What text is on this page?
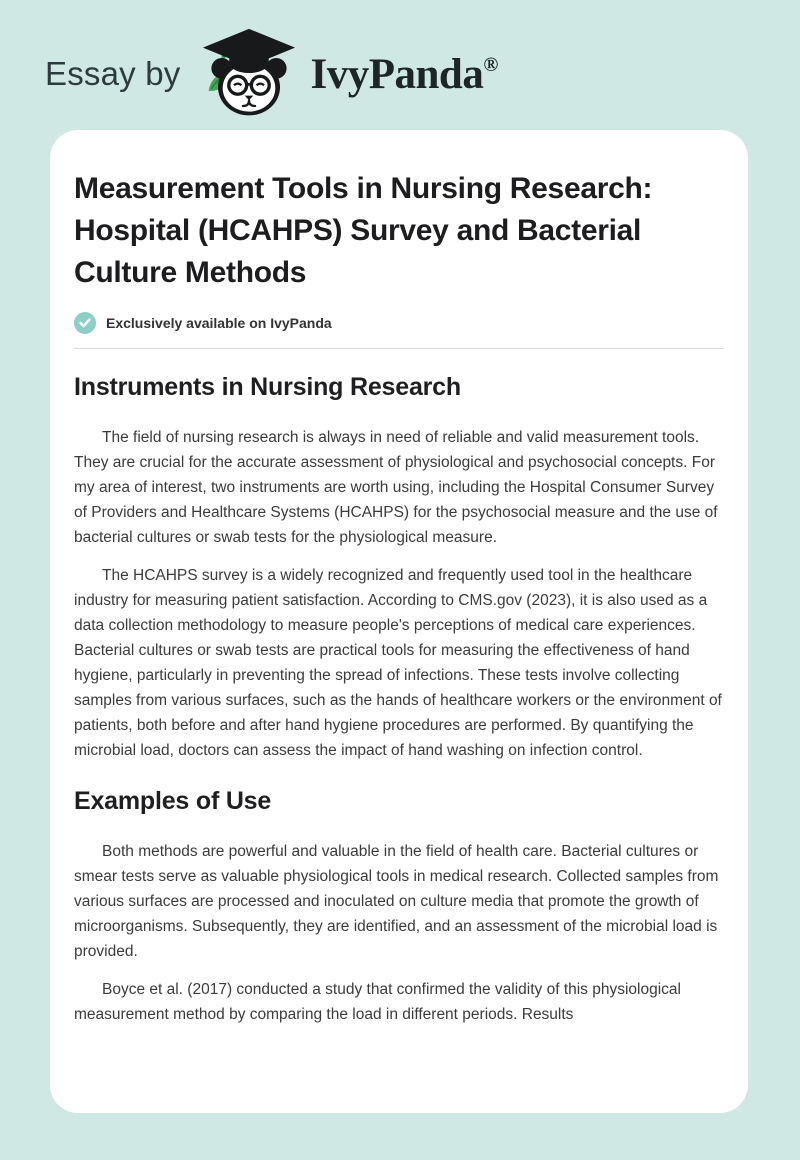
Essay by	IvyPanda®
Measurement Tools in Nursing Research: Hospital (HCAHPS) Survey and Bacterial Culture Methods
Exclusively available on IvyPanda
Instruments in Nursing Research

The field of nursing research is always in need of reliable and valid measurement tools. They are crucial for the accurate assessment of physiological and psychosocial concepts. For my area of interest, two instruments are worth using, including the Hospital Consumer Survey of Providers and Healthcare Systems (HCAHPS) for the psychosocial measure and the use of bacterial cultures or swab tests for the physiological measure.

The HCAHPS survey is a widely recognized and frequently used tool in the healthcare industry for measuring patient satisfaction. According to CMS.gov (2023), it is also used as a data collection methodology to measure people's perceptions of medical care experiences. Bacterial cultures or swab tests are practical tools for measuring the effectiveness of hand hygiene, particularly in preventing the spread of infections. These tests involve collecting samples from various surfaces, such as the hands of healthcare workers or the environment of patients, both before and after hand hygiene procedures are performed. By quantifying the microbial load, doctors can assess the impact of hand washing on infection control.

Examples of Use

Both methods are powerful and valuable in the field of health care. Bacterial cultures or smear tests serve as valuable physiological tools in medical research. Collected samples from various surfaces are processed and inoculated on culture media that promote the growth of microorganisms. Subsequently, they are identified, and an assessment of the microbial load is provided.

Boyce et al. (2017) conducted a study that confirmed the validity of this physiological measurement method by comparing the load in different periods. Results
